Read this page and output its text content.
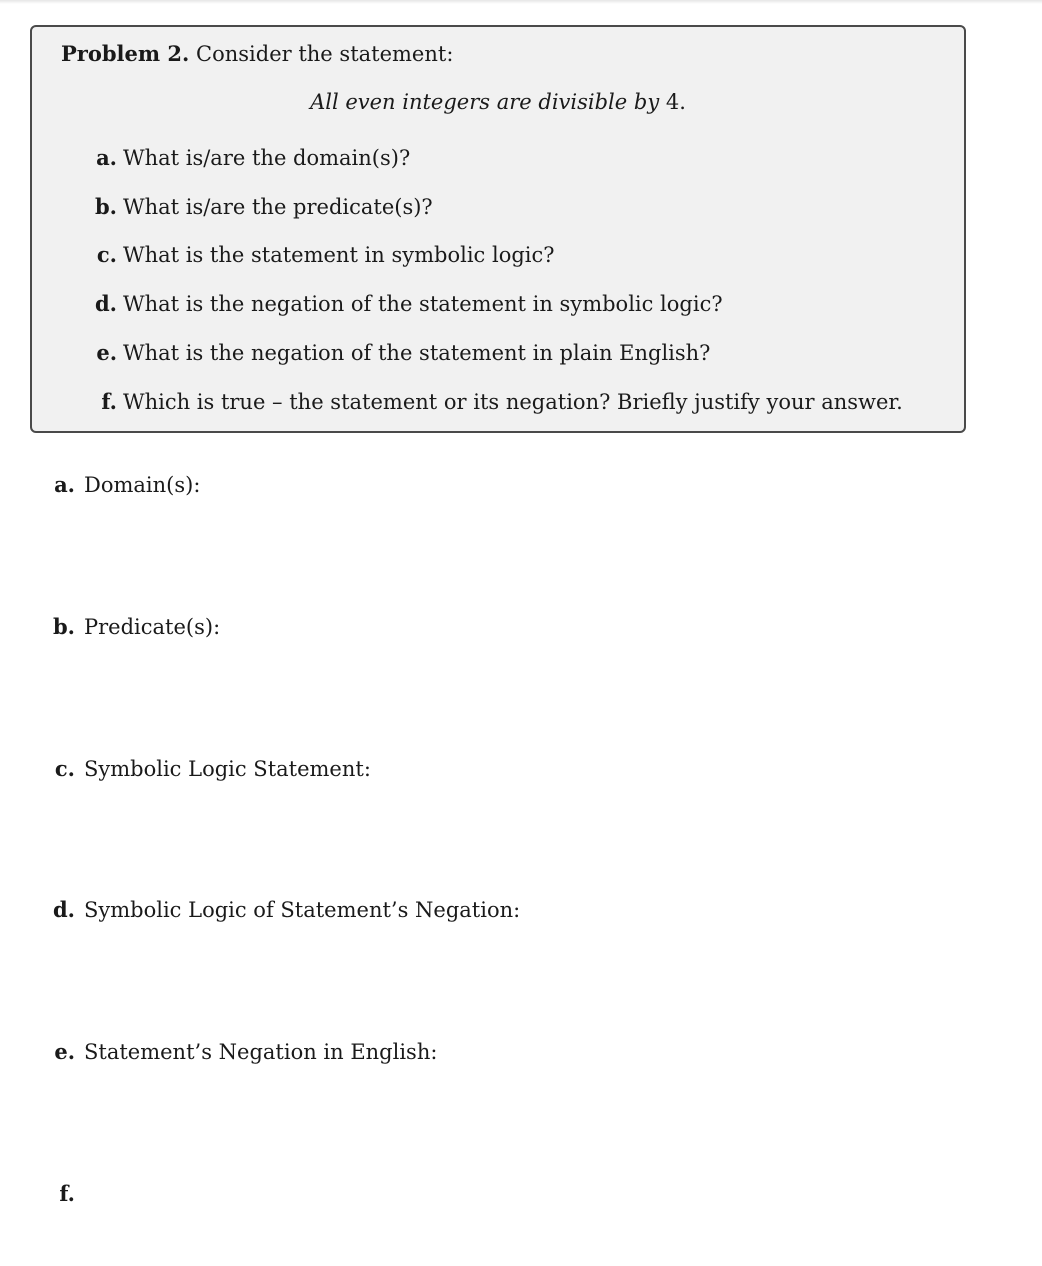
Problem 2. Consider the statement:
All even integers are divisible by 4.
a. What is/are the domain(s)?
b. What is/are the predicate(s)?
c. What is the statement in symbolic logic?
d. What is the negation of the statement in symbolic logic?
e. What is the negation of the statement in plain English?
f. Which is true – the statement or its negation? Briefly justify your answer.
a. Domain(s):
b. Predicate(s):
c. Symbolic Logic Statement:
d. Symbolic Logic of Statement’s Negation:
e. Statement’s Negation in English:
f.
